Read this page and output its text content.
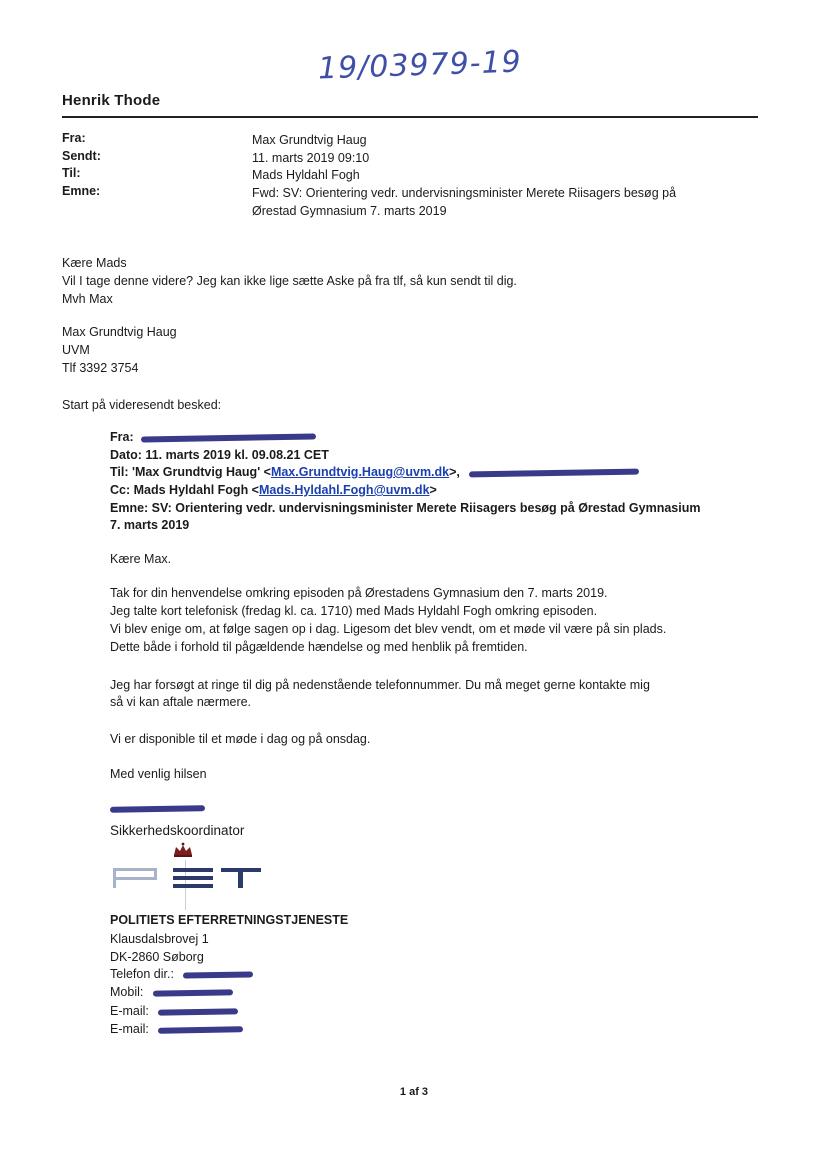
19/03979-19
Henrik Thode
Fra:	Max Grundtvig Haug
Sendt:	11. marts 2019 09:10
Til:	Mads Hyldahl Fogh
Emne:	Fwd: SV: Orientering vedr. undervisningsminister Merete Riisagers besøg på Ørestad Gymnasium 7. marts 2019
Kære Mads
Vil I tage denne videre? Jeg kan ikke lige sætte Aske på fra tlf, så kun sendt til dig.
Mvh Max
Max Grundtvig Haug
UVM
Tlf 3392 3754
Start på videresendt besked:
Fra:
Dato: 11. marts 2019 kl. 09.08.21 CET
Til: 'Max Grundtvig Haug' <Max.Grundtvig.Haug@uvm.dk>,
Cc: Mads Hyldahl Fogh <Mads.Hyldahl.Fogh@uvm.dk>
Emne: SV: Orientering vedr. undervisningsminister Merete Riisagers besøg på Ørestad Gymnasium
7. marts 2019
Kære Max.
Tak for din henvendelse omkring episoden på Ørestadens Gymnasium den 7. marts 2019.
Jeg talte kort telefonisk (fredag kl. ca. 1710) med Mads Hyldahl Fogh omkring episoden.
Vi blev enige om, at følge sagen op i dag. Ligesom det blev vendt, om et møde vil være på sin plads.
Dette både i forhold til pågældende hændelse og med henblik på fremtiden.
Jeg har forsøgt at ringe til dig på nedenstående telefonnummer. Du må meget gerne kontakte mig
så vi kan aftale nærmere.
Vi er disponible til et møde i dag og på onsdag.
Med venlig hilsen
Sikkerhedskoordinator
POLITIETS EFTERRETNINGSTJENESTE
Klausdalsbrovej 1
DK-2860 Søborg
Telefon dir.:
Mobil:
E-mail:
E-mail:
1 af 3
